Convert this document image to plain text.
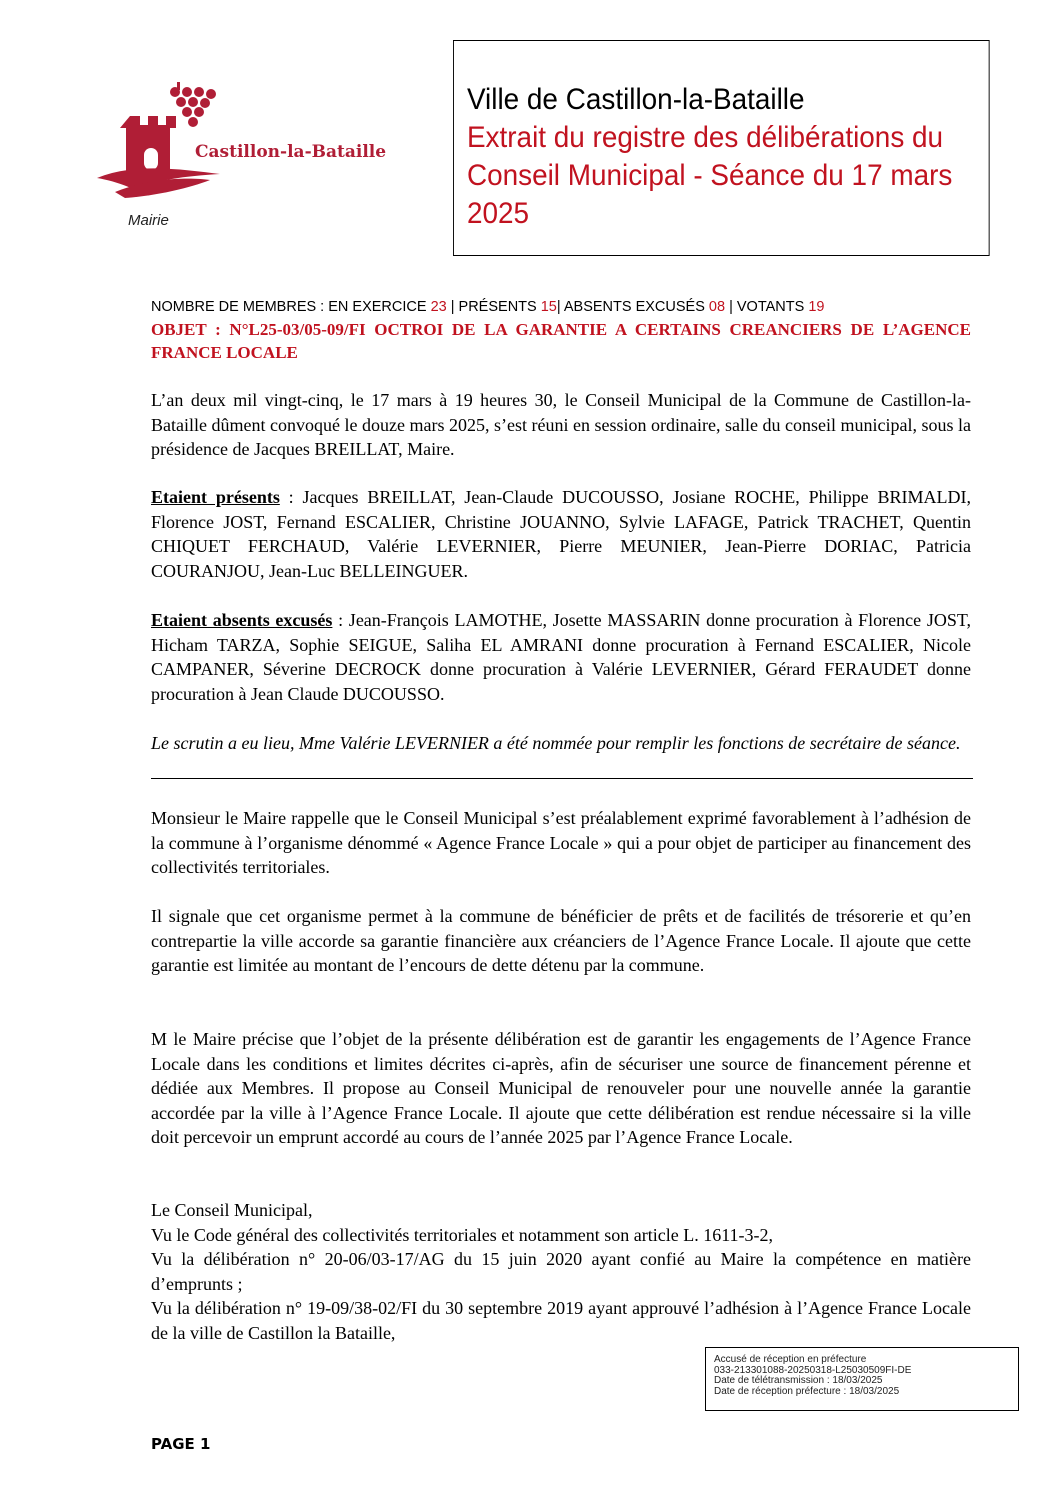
Castillon-la-Bataille
Mairie
Ville de Castillon-la-Bataille
Extrait du registre des délibérations du Conseil Municipal - Séance du 17 mars 2025
NOMBRE DE MEMBRES : EN EXERCICE 23 | PRÉSENTS 15| ABSENTS EXCUSÉS 08 | VOTANTS 19
OBJET : N°L25-03/05-09/FI OCTROI DE LA GARANTIE A CERTAINS CREANCIERS DE L’AGENCE FRANCE LOCALE
L’an deux mil vingt-cinq, le 17 mars à 19 heures 30, le Conseil Municipal de la Commune de Castillon-la-Bataille dûment convoqué le douze mars 2025, s’est réuni en session ordinaire, salle du conseil municipal, sous la présidence de Jacques BREILLAT, Maire.
Etaient présents : Jacques BREILLAT, Jean-Claude DUCOUSSO, Josiane ROCHE, Philippe BRIMALDI, Florence JOST, Fernand ESCALIER, Christine JOUANNO, Sylvie LAFAGE, Patrick TRACHET, Quentin CHIQUET FERCHAUD, Valérie LEVERNIER, Pierre MEUNIER, Jean-Pierre DORIAC, Patricia COURANJOU, Jean-Luc BELLEINGUER.
Etaient absents excusés : Jean-François LAMOTHE, Josette MASSARIN donne procuration à Florence JOST, Hicham TARZA, Sophie SEIGUE, Saliha EL AMRANI donne procuration à Fernand ESCALIER, Nicole CAMPANER, Séverine DECROCK donne procuration à Valérie LEVERNIER, Gérard FERAUDET donne procuration à Jean Claude DUCOUSSO.
Le scrutin a eu lieu, Mme Valérie LEVERNIER a été nommée pour remplir les fonctions de secrétaire de séance.
Monsieur le Maire rappelle que le Conseil Municipal s’est préalablement exprimé favorablement à l’adhésion de la commune à l’organisme dénommé « Agence France Locale » qui a pour objet de participer au financement des collectivités territoriales.
Il signale que cet organisme permet à la commune de bénéficier de prêts et de facilités de trésorerie et qu’en contrepartie la ville accorde sa garantie financière aux créanciers de l’Agence France Locale. Il ajoute que cette garantie est limitée au montant de l’encours de dette détenu par la commune.
M le Maire précise que l’objet de la présente délibération est de garantir les engagements de l’Agence France Locale dans les conditions et limites décrites ci-après, afin de sécuriser une source de financement pérenne et dédiée aux Membres. Il propose au Conseil Municipal de renouveler pour une nouvelle année la garantie accordée par la ville à l’Agence France Locale. Il ajoute que cette délibération est rendue nécessaire si la ville doit percevoir un emprunt accordé au cours de l’année 2025 par l’Agence France Locale.
Le Conseil Municipal,
Vu le Code général des collectivités territoriales et notamment son article L. 1611-3-2,
Vu la délibération n° 20-06/03-17/AG du 15 juin 2020 ayant confié au Maire la compétence en matière d’emprunts ;
Vu la délibération n° 19-09/38-02/FI du 30 septembre 2019 ayant approuvé l’adhésion à l’Agence France Locale de la ville de Castillon la Bataille,
Accusé de réception en préfecture
033-213301088-20250318-L25030509FI-DE
Date de télétransmission : 18/03/2025
Date de réception préfecture : 18/03/2025
PAGE 1
